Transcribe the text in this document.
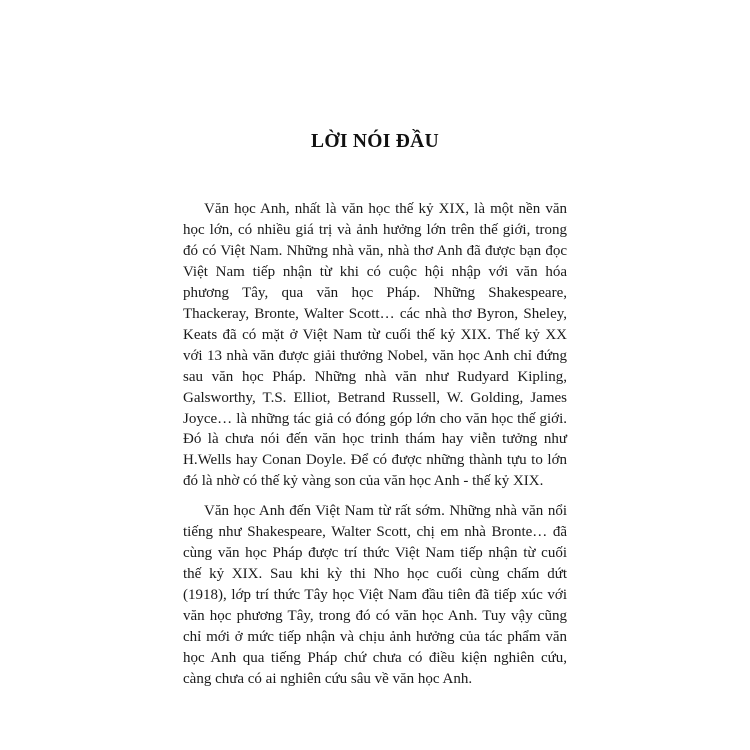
LỜI NÓI ĐẦU

Văn học Anh, nhất là văn học thế kỷ XIX, là một nền văn
học lớn, có nhiều giá trị và ảnh hưởng lớn trên thế giới, trong
đó có Việt Nam. Những nhà văn, nhà thơ Anh đã được bạn đọc
Việt Nam tiếp nhận từ khi có cuộc hội nhập với văn hóa
phương Tây, qua văn học Pháp. Những Shakespeare,
Thackeray, Bronte, Walter Scott… các nhà thơ Byron, Sheley,
Keats đã có mặt ở Việt Nam từ cuối thế kỷ XIX. Thế kỷ XX
với 13 nhà văn được giải thưởng Nobel, văn học Anh chỉ đứng
sau văn học Pháp. Những nhà văn như Rudyard Kipling,
Galsworthy, T.S. Elliot, Betrand Russell, W. Golding, James
Joyce… là những tác giả có đóng góp lớn cho văn học thế giới.
Đó là chưa nói đến văn học trinh thám hay viễn tưởng như
H.Wells hay Conan Doyle. Để có được những thành tựu to lớn
đó là nhờ có thế kỷ vàng son của văn học Anh - thế kỷ XIX.

Văn học Anh đến Việt Nam từ rất sớm. Những nhà văn nổi
tiếng như Shakespeare, Walter Scott, chị em nhà Bronte… đã
cùng văn học Pháp được trí thức Việt Nam tiếp nhận từ cuối
thế kỷ XIX. Sau khi kỳ thi Nho học cuối cùng chấm dứt
(1918), lớp trí thức Tây học Việt Nam đầu tiên đã tiếp xúc với
văn học phương Tây, trong đó có văn học Anh. Tuy vậy cũng
chỉ mới ở mức tiếp nhận và chịu ảnh hưởng của tác phẩm văn
học Anh qua tiếng Pháp chứ chưa có điều kiện nghiên cứu,
càng chưa có ai nghiên cứu sâu về văn học Anh.
